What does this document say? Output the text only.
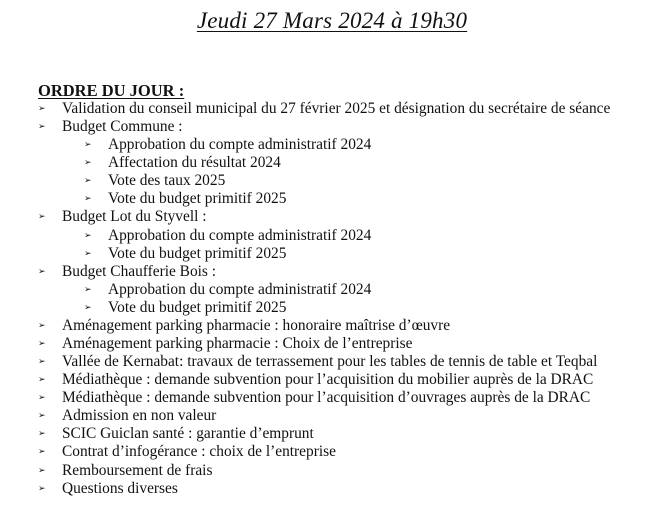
Jeudi 27 Mars 2024 à 19h30
ORDRE DU JOUR :
➢ Validation du conseil municipal du 27 février 2025 et désignation du secrétaire de séance
➢ Budget Commune :
➢ Approbation du compte administratif 2024
➢ Affectation du résultat 2024
➢ Vote des taux 2025
➢ Vote du budget primitif 2025
➢ Budget Lot du Styvell :
➢ Approbation du compte administratif 2024
➢ Vote du budget primitif 2025
➢ Budget Chaufferie Bois :
➢ Approbation du compte administratif 2024
➢ Vote du budget primitif 2025
➢ Aménagement parking pharmacie : honoraire maîtrise d’œuvre
➢ Aménagement parking pharmacie : Choix de l’entreprise
➢ Vallée de Kernabat: travaux de terrassement pour les tables de tennis de table et Teqbal
➢ Médiathèque : demande subvention pour l’acquisition du mobilier auprès de la DRAC
➢ Médiathèque : demande subvention pour l’acquisition d’ouvrages auprès de la DRAC
➢ Admission en non valeur
➢ SCIC Guiclan santé : garantie d’emprunt
➢ Contrat d’infogérance : choix de l’entreprise
➢ Remboursement de frais
➢ Questions diverses
